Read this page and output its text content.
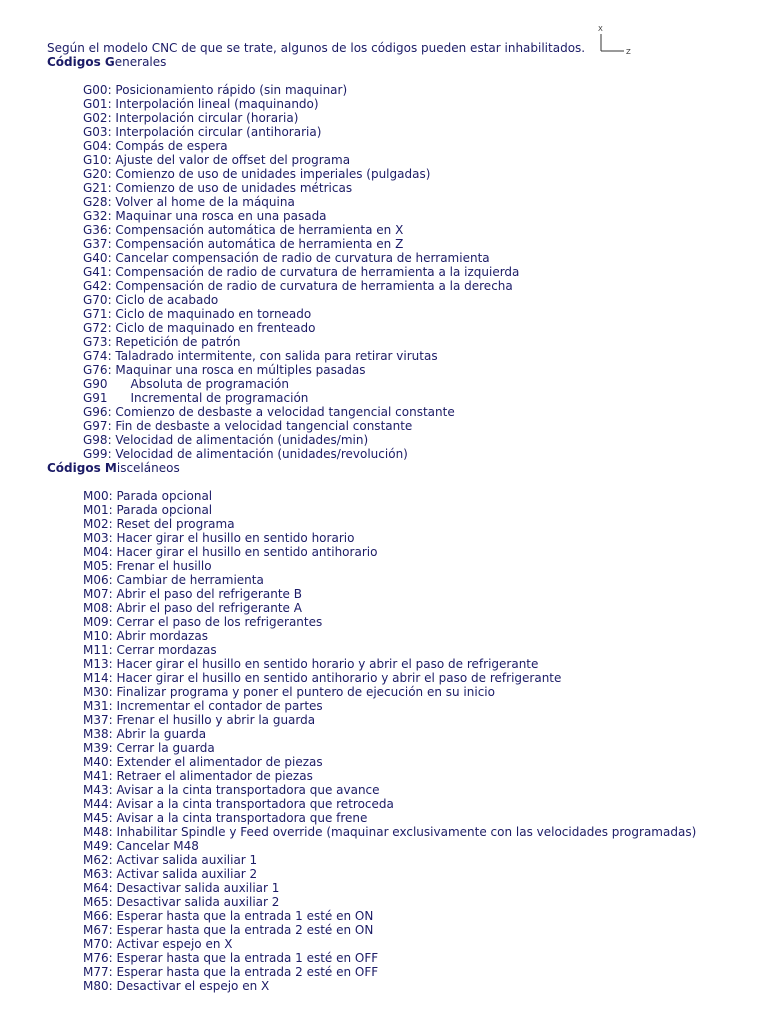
X
Z

Según el modelo CNC de que se trate, algunos de los códigos pueden estar inhabilitados.

Códigos Generales
G00: Posicionamiento rápido (sin maquinar)
G01: Interpolación lineal (maquinando)
G02: Interpolación circular (horaria)
G03: Interpolación circular (antihoraria)
G04: Compás de espera
G10: Ajuste del valor de offset del programa
G20: Comienzo de uso de unidades imperiales (pulgadas)
G21: Comienzo de uso de unidades métricas
G28: Volver al home de la máquina
G32: Maquinar una rosca en una pasada
G36: Compensación automática de herramienta en X
G37: Compensación automática de herramienta en Z
G40: Cancelar compensación de radio de curvatura de herramienta
G41: Compensación de radio de curvatura de herramienta a la izquierda
G42: Compensación de radio de curvatura de herramienta a la derecha
G70: Ciclo de acabado
G71: Ciclo de maquinado en torneado
G72: Ciclo de maquinado en frenteado
G73: Repetición de patrón
G74: Taladrado intermitente, con salida para retirar virutas
G76: Maquinar una rosca en múltiples pasadas
G90      Absoluta de programación
G91      Incremental de programación
G96: Comienzo de desbaste a velocidad tangencial constante
G97: Fin de desbaste a velocidad tangencial constante
G98: Velocidad de alimentación (unidades/min)
G99: Velocidad de alimentación (unidades/revolución)
Códigos Misceláneos
M00: Parada opcional
M01: Parada opcional
M02: Reset del programa
M03: Hacer girar el husillo en sentido horario
M04: Hacer girar el husillo en sentido antihorario
M05: Frenar el husillo
M06: Cambiar de herramienta
M07: Abrir el paso del refrigerante B
M08: Abrir el paso del refrigerante A
M09: Cerrar el paso de los refrigerantes
M10: Abrir mordazas
M11: Cerrar mordazas
M13: Hacer girar el husillo en sentido horario y abrir el paso de refrigerante
M14: Hacer girar el husillo en sentido antihorario y abrir el paso de refrigerante
M30: Finalizar programa y poner el puntero de ejecución en su inicio
M31: Incrementar el contador de partes
M37: Frenar el husillo y abrir la guarda
M38: Abrir la guarda
M39: Cerrar la guarda
M40: Extender el alimentador de piezas
M41: Retraer el alimentador de piezas
M43: Avisar a la cinta transportadora que avance
M44: Avisar a la cinta transportadora que retroceda
M45: Avisar a la cinta transportadora que frene
M48: Inhabilitar Spindle y Feed override (maquinar exclusivamente con las velocidades programadas)
M49: Cancelar M48
M62: Activar salida auxiliar 1
M63: Activar salida auxiliar 2
M64: Desactivar salida auxiliar 1
M65: Desactivar salida auxiliar 2
M66: Esperar hasta que la entrada 1 esté en ON
M67: Esperar hasta que la entrada 2 esté en ON
M70: Activar espejo en X
M76: Esperar hasta que la entrada 1 esté en OFF
M77: Esperar hasta que la entrada 2 esté en OFF
M80: Desactivar el espejo en X
